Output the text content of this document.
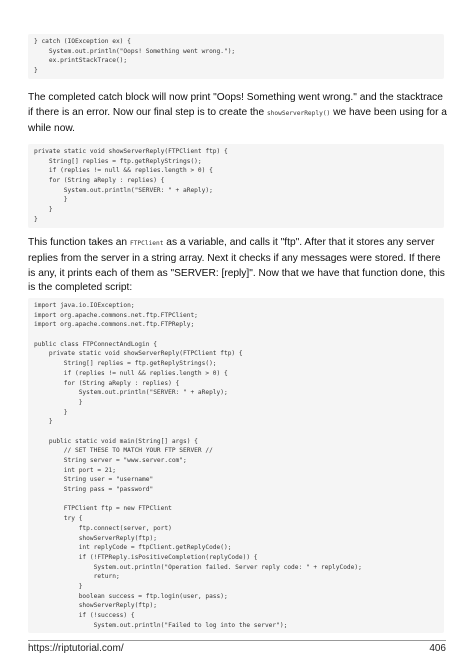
} catch (IOException ex) {
System.out.println("Oops! Something went wrong.");
ex.printStackTrace();
}
The completed catch block will now print "Oops! Something went wrong." and the stacktrace if there is an error. Now our final step is to create the showServerReply() we have been using for a while now.
private static void showServerReply(FTPClient ftp) {
String[] replies = ftp.getReplyStrings();
if (replies != null && replies.length > 0) {
for (String aReply : replies) {
System.out.println("SERVER: " + aReply);
}
}
}
This function takes an FTPClient as a variable, and calls it "ftp". After that it stores any server replies from the server in a string array. Next it checks if any messages were stored. If there is any, it prints each of them as "SERVER: [reply]". Now that we have that function done, this is the completed script:
import java.io.IOException;
import org.apache.commons.net.ftp.FTPClient;
import org.apache.commons.net.ftp.FTPReply;
public class FTPConnectAndLogin {
private static void showServerReply(FTPClient ftp) {
String[] replies = ftp.getReplyStrings();
if (replies != null && replies.length > 0) {
for (String aReply : replies) {
System.out.println("SERVER: " + aReply);
}
}
}
public static void main(String[] args) {
// SET THESE TO MATCH YOUR FTP SERVER //
String server = "www.server.com";
int port = 21;
String user = "username"
String pass = "password"
FTPClient ftp = new FTPClient
try {
ftp.connect(server, port)
showServerReply(ftp);
int replyCode = ftpClient.getReplyCode();
if (!FTPReply.isPositiveCompletion(replyCode)) {
System.out.println("Operation failed. Server reply code: " + replyCode);
return;
}
boolean success = ftp.login(user, pass);
showServerReply(ftp);
if (!success) {
System.out.println("Failed to log into the server");
https://riptutorial.com/	406
